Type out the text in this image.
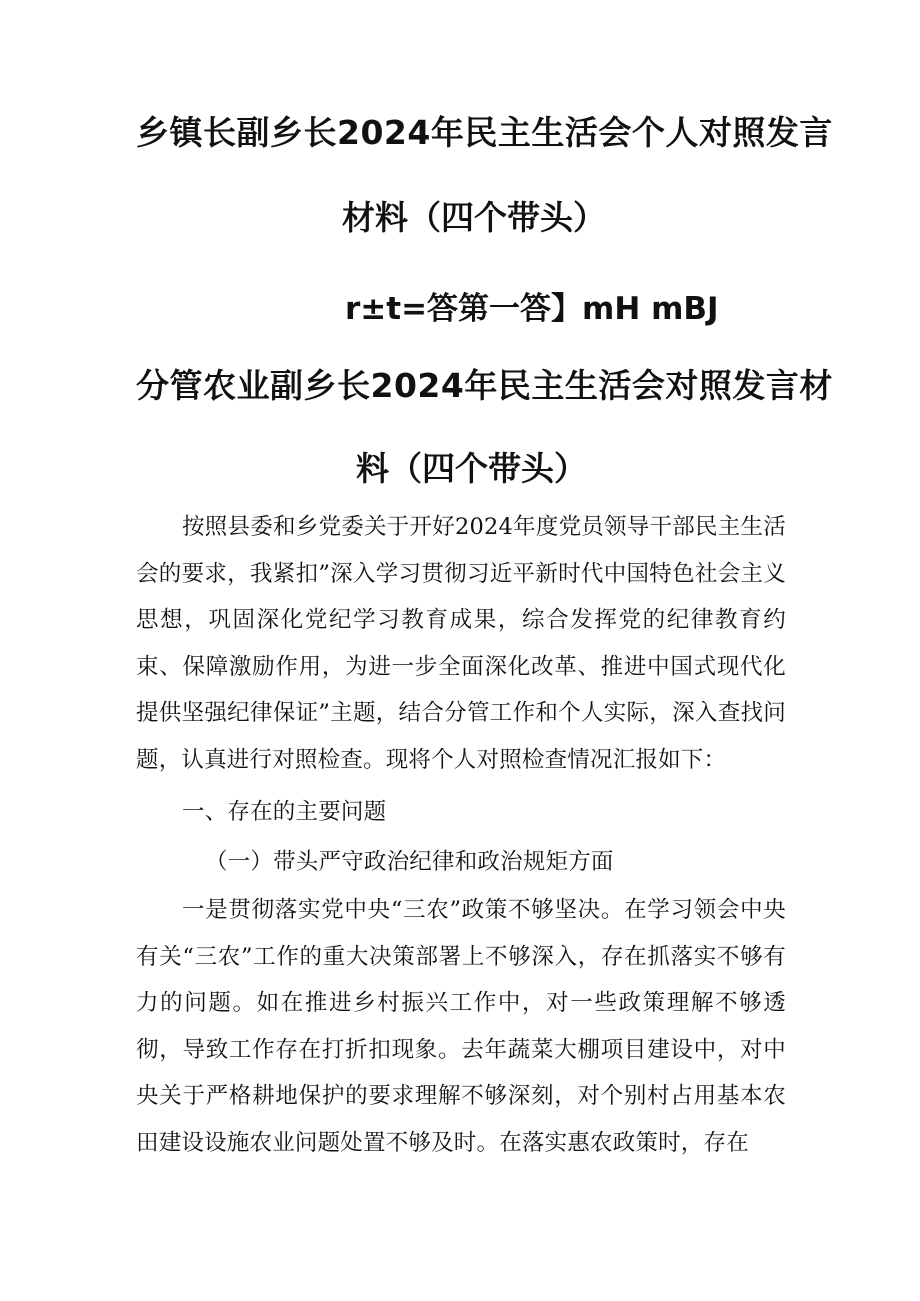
乡镇长副乡长2024年民主生活会个人对照发言
材料（四个带头）
r±t=答第一答】mH mBJ
分管农业副乡长2024年民主生活会对照发言材
料（四个带头）
按照县委和乡党委关于开好2024年度党员领导干部民主生活会的要求，我紧扣”深入学习贯彻习近平新时代中国特色社会主义思想，巩固深化党纪学习教育成果，综合发挥党的纪律教育约束、保障激励作用，为进一步全面深化改革、推进中国式现代化提供坚强纪律保证”主题，结合分管工作和个人实际，深入查找问题，认真进行对照检查。现将个人对照检查情况汇报如下：
一、存在的主要问题
（一）带头严守政治纪律和政治规矩方面
一是贯彻落实党中央“三农”政策不够坚决。在学习领会中央有关“三农”工作的重大决策部署上不够深入，存在抓落实不够有力的问题。如在推进乡村振兴工作中，对一些政策理解不够透彻，导致工作存在打折扣现象。去年蔬菜大棚项目建设中，对中央关于严格耕地保护的要求理解不够深刻，对个别村占用基本农田建设设施农业问题处置不够及时。在落实惠农政策时，存在
